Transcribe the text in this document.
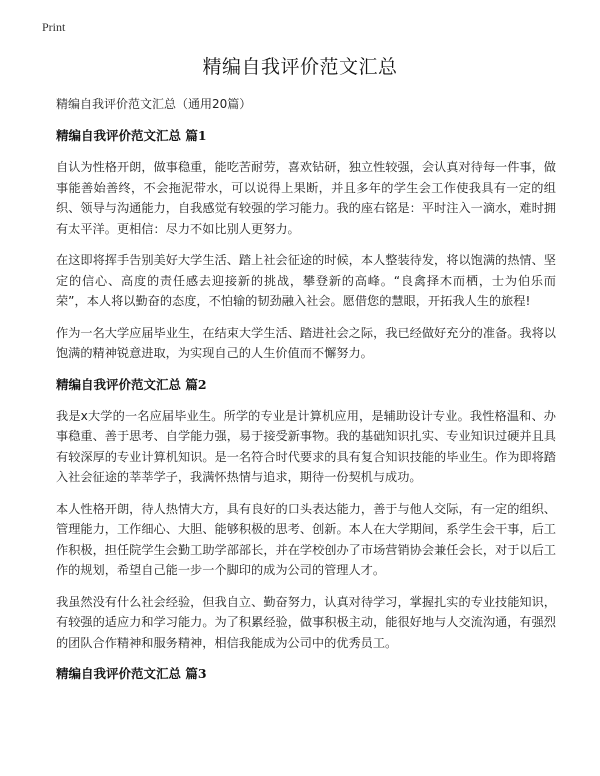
Print
精编自我评价范文汇总

精编自我评价范文汇总（通用20篇）

精编自我评价范文汇总 篇1

自认为性格开朗，做事稳重，能吃苦耐劳，喜欢钻研，独立性较强，会认真对待每一件事，做事能善始善终，不会拖泥带水，可以说得上果断，并且多年的学生会工作使我具有一定的组织、领导与沟通能力，自我感觉有较强的学习能力。我的座右铭是：平时注入一滴水，难时拥有太平洋。更相信：尽力不如比别人更努力。

在这即将挥手告别美好大学生活、踏上社会征途的时候，本人整装待发，将以饱满的热情、坚定的信心、高度的责任感去迎接新的挑战，攀登新的高峰。“良禽择木而栖，士为伯乐而荣”，本人将以勤奋的态度，不怕输的韧劲融入社会。愿借您的慧眼，开拓我人生的旅程!

作为一名大学应届毕业生，在结束大学生活、踏进社会之际，我已经做好充分的准备。我将以饱满的精神锐意进取，为实现自己的人生价值而不懈努力。

精编自我评价范文汇总 篇2

我是x大学的一名应届毕业生。所学的专业是计算机应用，是辅助设计专业。我性格温和、办事稳重、善于思考、自学能力强，易于接受新事物。我的基础知识扎实、专业知识过硬并且具有较深厚的专业计算机知识。是一名符合时代要求的具有复合知识技能的毕业生。作为即将踏入社会征途的莘莘学子，我满怀热情与追求，期待一份契机与成功。

本人性格开朗，待人热情大方，具有良好的口头表达能力，善于与他人交际，有一定的组织、管理能力，工作细心、大胆、能够积极的思考、创新。本人在大学期间，系学生会干事，后工作积极，担任院学生会勤工助学部部长，并在学校创办了市场营销协会兼任会长，对于以后工作的规划，希望自己能一步一个脚印的成为公司的管理人才。

我虽然没有什么社会经验，但我自立、勤奋努力，认真对待学习，掌握扎实的专业技能知识，有较强的适应力和学习能力。为了积累经验，做事积极主动，能很好地与人交流沟通，有强烈的团队合作精神和服务精神，相信我能成为公司中的优秀员工。

精编自我评价范文汇总 篇3
